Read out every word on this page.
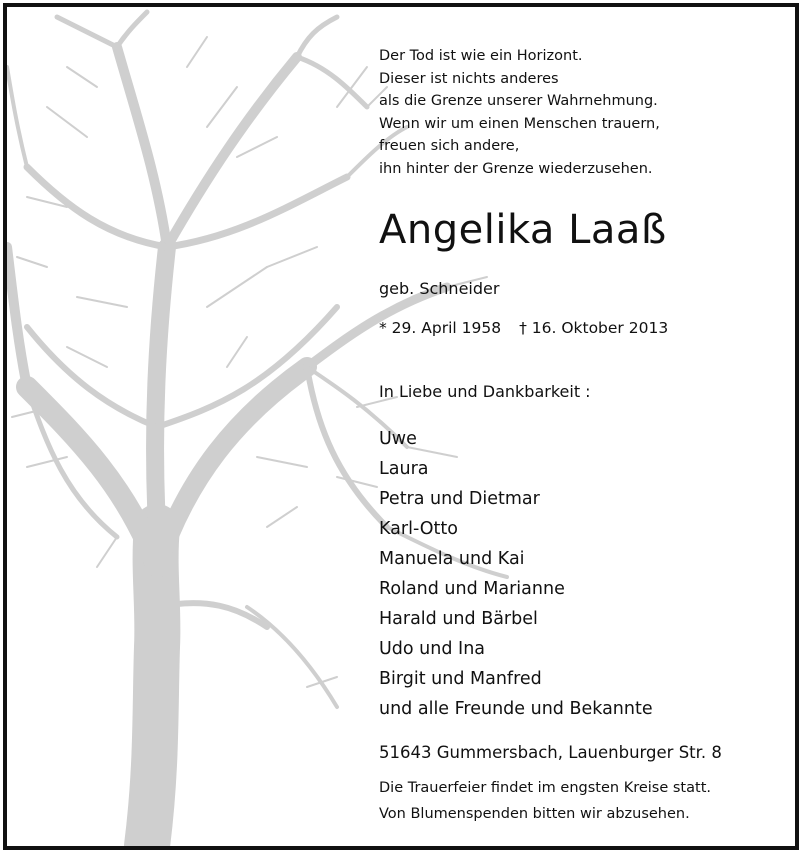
Der Tod ist wie ein Horizont.
Dieser ist nichts anderes
als die Grenze unserer Wahrnehmung.
Wenn wir um einen Menschen trauern,
freuen sich andere,
ihn hinter der Grenze wiederzusehen.
Angelika Laaß
geb. Schneider
* 29. April 1958 † 16. Oktober 2013
In Liebe und Dankbarkeit :
Uwe
Laura
Petra und Dietmar
Karl-Otto
Manuela und Kai
Roland und Marianne
Harald und Bärbel
Udo und Ina
Birgit und Manfred
und alle Freunde und Bekannte
51643 Gummersbach, Lauenburger Str. 8
Die Trauerfeier findet im engsten Kreise statt.
Von Blumenspenden bitten wir abzusehen.
